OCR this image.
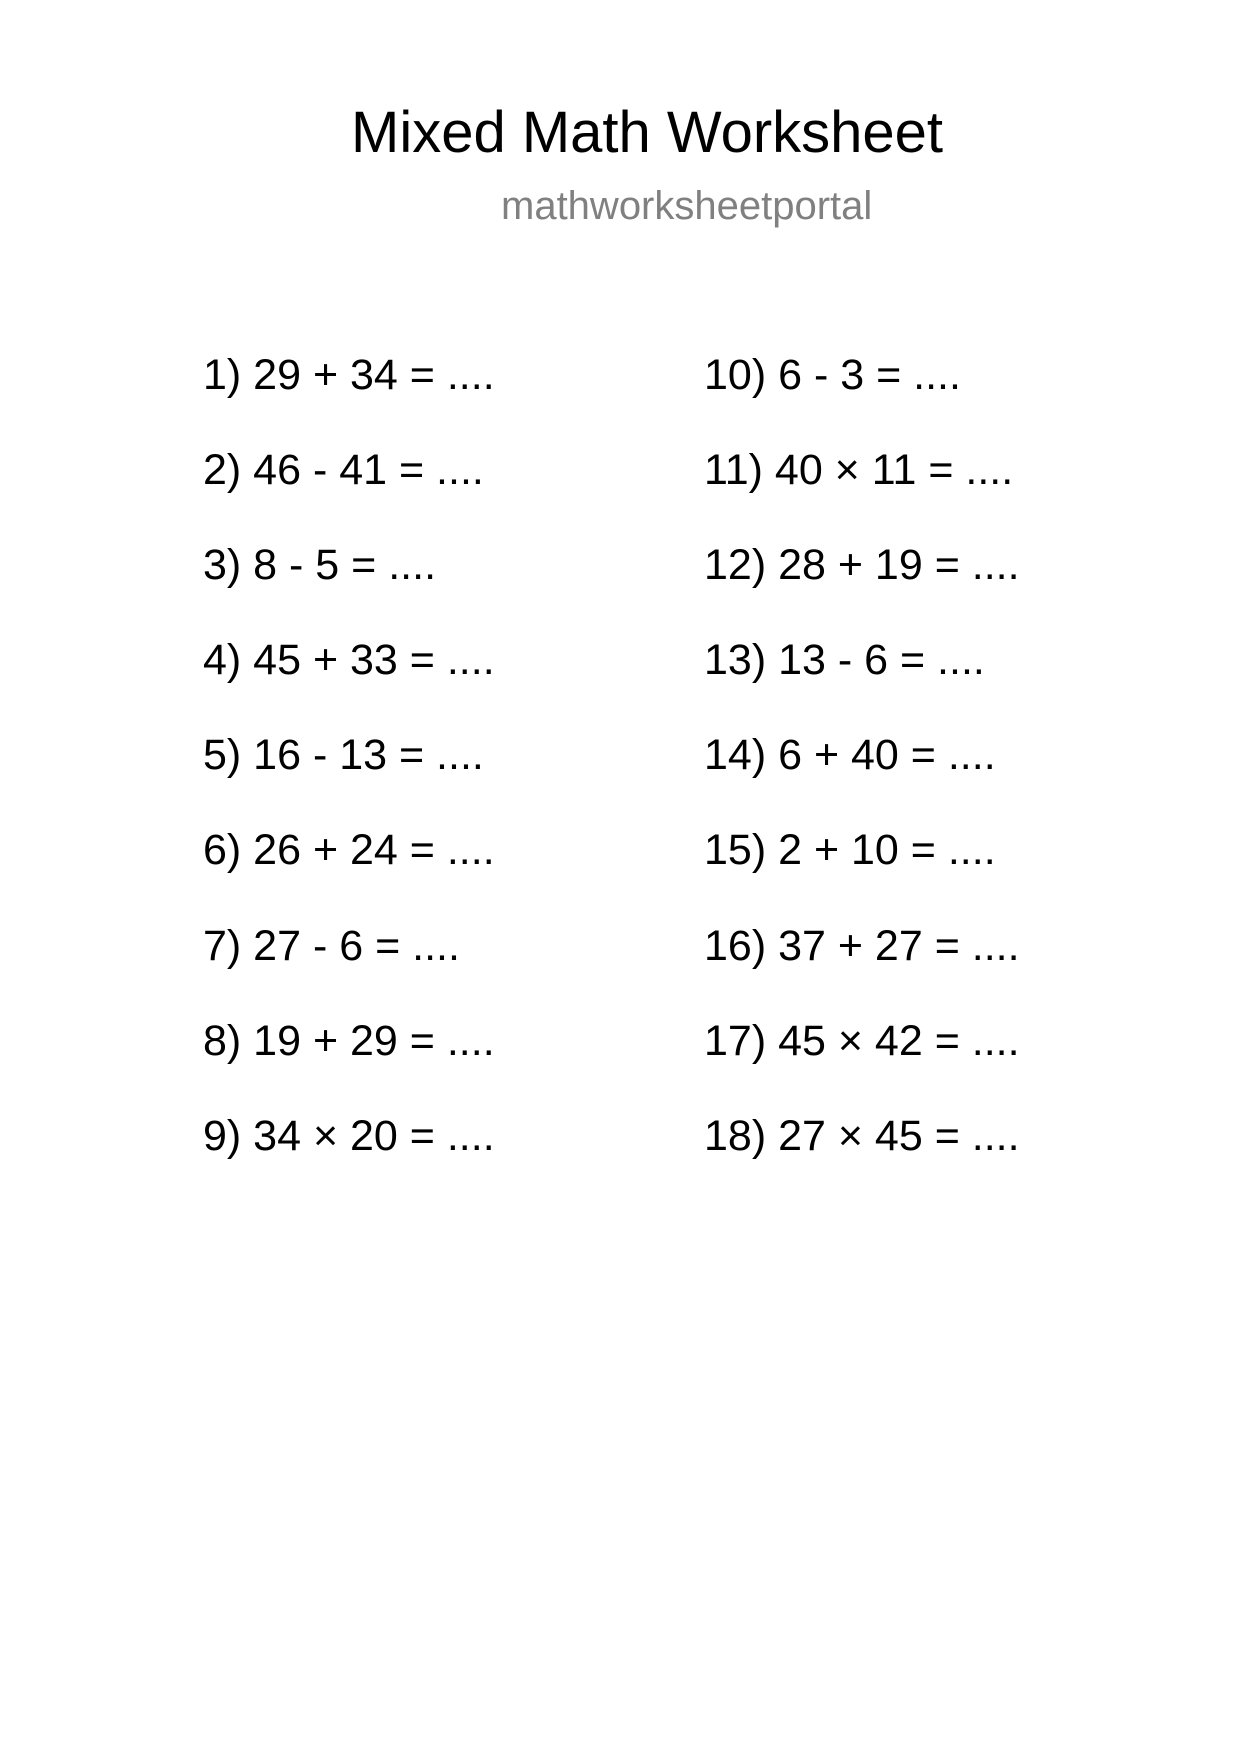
Mixed Math Worksheet
mathworksheetportal
1) 29 + 34 = ....
2) 46 - 41 = ....
3) 8 - 5 = ....
4) 45 + 33 = ....
5) 16 - 13 = ....
6) 26 + 24 = ....
7) 27 - 6 = ....
8) 19 + 29 = ....
9) 34 × 20 = ....
10) 6 - 3 = ....
11) 40 × 11 = ....
12) 28 + 19 = ....
13) 13 - 6 = ....
14) 6 + 40 = ....
15) 2 + 10 = ....
16) 37 + 27 = ....
17) 45 × 42 = ....
18) 27 × 45 = ....
